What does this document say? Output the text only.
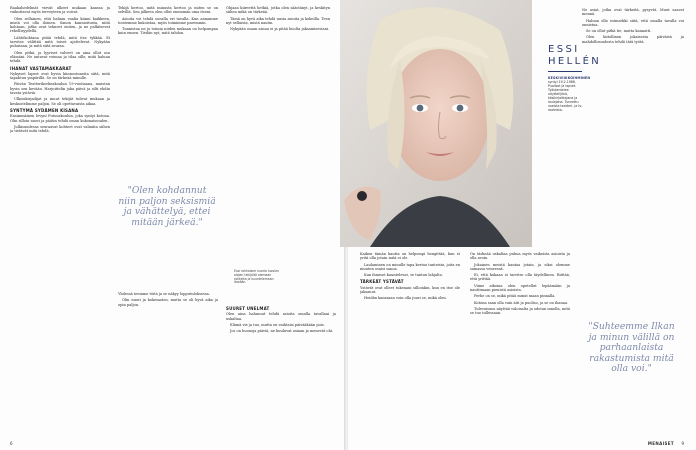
Raakahedelmät vievät ulkeet mukaan kanssa ja vaikuttavat myös terveyteen ja voivat.

Olen sellainen, että haluan vaalia kiinni kaikkeen, mistä voi olla iloinen. Sanon kunnioitusta, niitä kohtaan, jotka ovat tehneet eniten, ja ne palkitsevat rehellisyydellä.

Lähtökohtana pitää tehdä, mitä itse tykkää. Ei tarvitse välittää mitä toiset ajattelevat. Nykyään puhutaan, ja mitä siitä seuraa.

Olen pitkä, ja lyyriset valveet on aina ollut osa elämäni. Ne antavat voimaa ja tilaa sille, mitä haluan tehdä.

IHANAT VASTAMAKKARAT

Nykyiset lapset ovat hyvin kiinnostuneita siitä, mitä tapahtuu ympärillä. Se on tärkeää minulle.

Päivän Teatterikorkeakoulun 19-vuotiaana, muistan hyvin sen kevään. Harjoittelin joka päivä ja silti ehdin tavata ystäviä.

Ulkoiskirjailijat ja muut tekijät tulivat mukaan ja keskustelimme paljon. Se oli opettavaista aikaa.

SYNTYMÄ SYDÄMEN KISANA

Ensimmäinen levyni Putouskoulun, joka syntyi kotona. Olin silloin nuori ja päätin tehdä oman kokonaisuuden.

Julkisuudessa seuraavat kohteet ovat valmiita siihen ja tietävät mitä tehdä.

Tekijä kertoo, mitä minusta kertoo ja miten se on selvillä. Sen jälkeen olen ollut enemmän oma itseni.

Asioita voi tehdä usealla eri tavalla. Kun annamme toistemme kukoistaa, myös toimimme paremmin.

Tunnistaa ne ja toimia niiden mukaan on helpompaa kuin ennen. Tiedän nyt, mitä tahdon.

"Olen kohdannut niin paljon seksismiä ja vähättelyä, ettei mitään järkeä."

Yhdessä teemme töitä ja se näkyy lopputuloksessa.

Olin nuori ja kokematon, mutta se oli hyvä aika ja opin paljon.

Ohjaan kiireettä hetkiä, jotka olen säästänyt, ja keskityn siihen mikä on tärkeää.

Tämä on hyvä aika tehdä uusia asioita ja kokeilla. Teen nyt sellaista, mistä nautin.

Nykyään osaan sanoa ei ja pitää huolta jaksamisestani.

SUURET UNELMAT

Olen aina halunnut tehdä asioita omalla tavallani ja uskaltaa.

Elämä vie ja tuo, mutta en vaihtaisi päivääkään pois.

Jos on huonoja päiviä, ne kuuluvat asiaan ja menevät ohi.

6

Kaiken tämän kautta on helpompi hengittää, kun ei yritä olla jotain mitä ei ole.

Laulaminen on minulle tapa kertoa tunteista, joita en muuten osaisi sanoa.

Kun ihmiset kuuntelevat, se tuntuu lahjalta.

TÄRKEÄT YSTÄVÄT

Ystävät ovat olleet tukenani silloinkin, kun en itse ole jaksanut.

Heidän kanssaan voin olla juuri se, mikä olen.

On tärkeää uskaltaa puhua myös vaikeista asioista ja olla avoin.

Jokainen meistä kantaa jotain, ja siksi olemme samassa veneessä.

Ei, että kukaan ei tarvitse olla täydellinen. Riittää, että yrittää.

Viime aikoina olen opetellut lepäämään ja nauttimaan pienistä asioista.

Perhe on se, mikä pitää minut maan pinnalla.

Kotona saan olla vain äiti ja puoliso, ja se on ihanaa.

Tulevaisuus näyttää valoisalta ja odotan innolla, mitä se tuo tullessaan.

Ne asiat, jotka ovat tärkeitä, pysyvät. Muut saavat mennä.

Haluan olla esimerkki siitä, että omalla tavalla voi onnistua.

Se on ollut pitkä tie, mutta kannatti.

Olen kiitollinen jokaisesta päivästä ja mahdollisuudesta tehdä tätä työtä.

9
MENAISET
Essi rohkaisee nuoria luovien alojen tekijöitä olemaan rohkeita ja kuuntelemaan itseään.
ESSI
HELLÉN
KESKIVIIKKOIHMINEN
syntyi 19.2.1986. Puolisot ja lapset. Työskentelee näyttelijänä, käsikirjoittajana ja laulajana. Tunnettu useista teatteri- ja tv-rooleista.
"Suhteemme Ilkan ja minun välillä on parhaanlaista rakastumista mitä olla voi."
